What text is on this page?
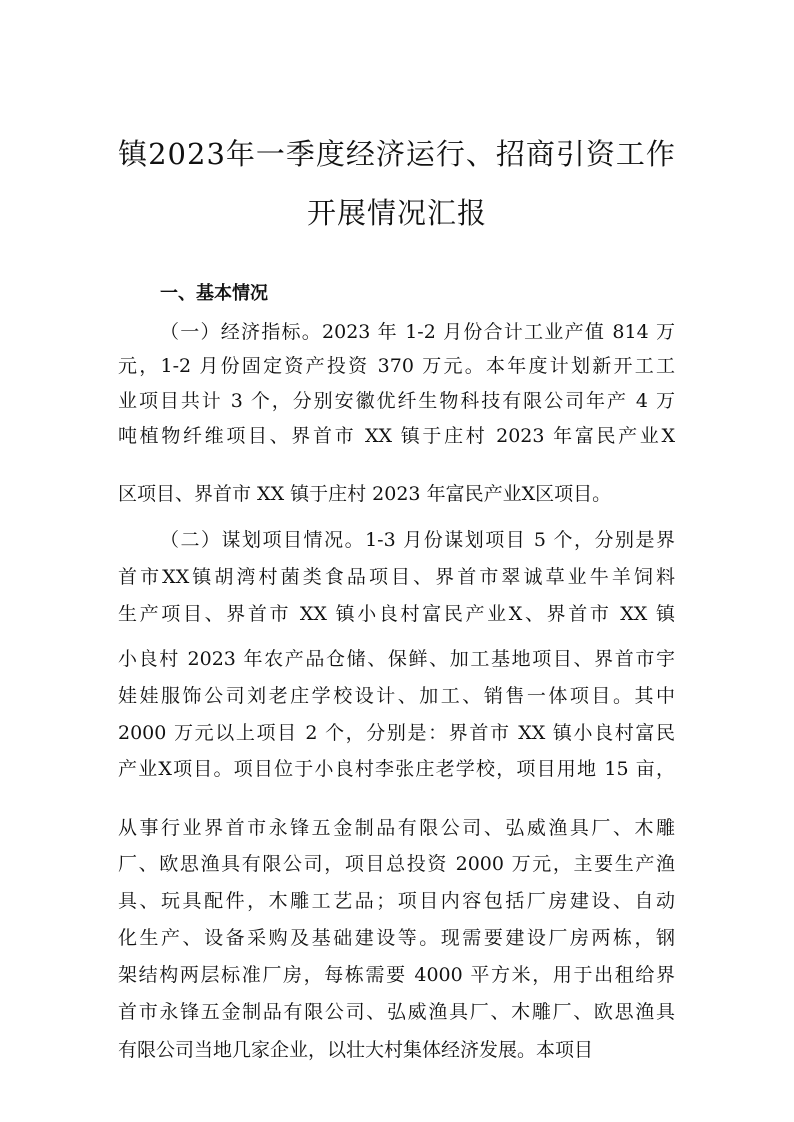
镇2023年一季度经济运行、招商引资工作
开展情况汇报
一、基本情况

（一）经济指标。2023 年 1-2 月份合计工业产值 814 万

元，1-2 月份固定资产投资 370 万元。本年度计划新开工工

业项目共计 3 个，分别安徽优纤生物科技有限公司年产 4 万

吨植物纤维项目、界首市 XX 镇于庄村 2023 年富民产业X

区项目、界首市 XX 镇于庄村 2023 年富民产业X区项目。

（二）谋划项目情况。1-3 月份谋划项目 5 个，分别是界

首市XX镇胡湾村菌类食品项目、界首市翠诚草业牛羊饲料

生产项目、界首市 XX 镇小良村富民产业X、界首市 XX 镇

小良村 2023 年农产品仓储、保鲜、加工基地项目、界首市宇

娃娃服饰公司刘老庄学校设计、加工、销售一体项目。其中

2000 万元以上项目 2 个，分别是：界首市 XX 镇小良村富民

产业X项目。项目位于小良村李张庄老学校，项目用地 15 亩，

从事行业界首市永锋五金制品有限公司、弘威渔具厂、木雕

厂、欧思渔具有限公司，项目总投资 2000 万元，主要生产渔

具、玩具配件，木雕工艺品；项目内容包括厂房建设、自动

化生产、设备采购及基础建设等。现需要建设厂房两栋，钢

架结构两层标准厂房，每栋需要 4000 平方米，用于出租给界

首市永锋五金制品有限公司、弘威渔具厂、木雕厂、欧思渔具

有限公司当地几家企业，以壮大村集体经济发展。本项目
